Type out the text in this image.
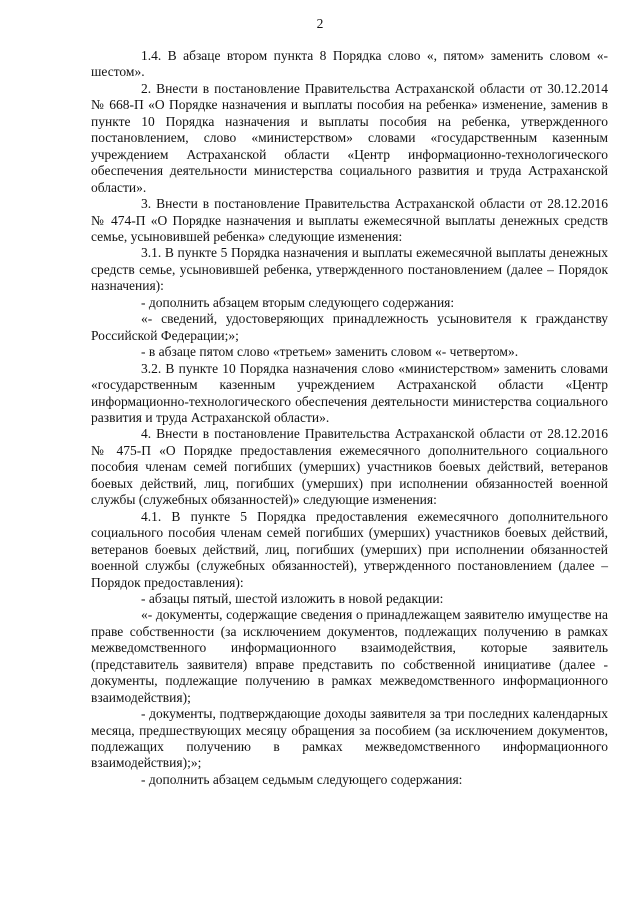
2

1.4. В абзаце втором пункта 8 Порядка слово «, пятом» заменить словом «- шестом».

2. Внести в постановление Правительства Астраханской области от 30.12.2014 № 668-П «О Порядке назначения и выплаты пособия на ребенка» изменение, заменив в пункте 10 Порядка назначения и выплаты пособия на ребенка, утвержденного постановлением, слово «министерством» словами «государственным казенным учреждением Астраханской области «Центр информационно-технологического обеспечения деятельности министерства социального развития и труда Астраханской области».

3. Внести в постановление Правительства Астраханской области от 28.12.2016 № 474-П «О Порядке назначения и выплаты ежемесячной выплаты денежных средств семье, усыновившей ребенка» следующие изменения:

3.1. В пункте 5 Порядка назначения и выплаты ежемесячной выплаты денежных средств семье, усыновившей ребенка, утвержденного постановлением (далее – Порядок назначения):

- дополнить абзацем вторым следующего содержания:

«- сведений, удостоверяющих принадлежность усыновителя к гражданству Российской Федерации;»;

- в абзаце пятом слово «третьем» заменить словом «- четвертом».

3.2. В пункте 10 Порядка назначения слово «министерством» заменить словами «государственным казенным учреждением Астраханской области «Центр информационно-технологического обеспечения деятельности министерства социального развития и труда Астраханской области».

4. Внести в постановление Правительства Астраханской области от 28.12.2016 № 475-П «О Порядке предоставления ежемесячного дополнительного социального пособия членам семей погибших (умерших) участников боевых действий, ветеранов боевых действий, лиц, погибших (умерших) при исполнении обязанностей военной службы (служебных обязанностей)» следующие изменения:

4.1. В пункте 5 Порядка предоставления ежемесячного дополнительного социального пособия членам семей погибших (умерших) участников боевых действий, ветеранов боевых действий, лиц, погибших (умерших) при исполнении обязанностей военной службы (служебных обязанностей), утвержденного постановлением (далее – Порядок предоставления):

- абзацы пятый, шестой изложить в новой редакции:

«- документы, содержащие сведения о принадлежащем заявителю имуществе на праве собственности (за исключением документов, подлежащих получению в рамках межведомственного информационного взаимодействия, которые заявитель (представитель заявителя) вправе представить по собственной инициативе (далее - документы, подлежащие получению в рамках межведомственного информационного взаимодействия);

- документы, подтверждающие доходы заявителя за три последних календарных месяца, предшествующих месяцу обращения за пособием (за исключением документов, подлежащих получению в рамках межведомственного информационного взаимодействия);»;

- дополнить абзацем седьмым следующего содержания:
